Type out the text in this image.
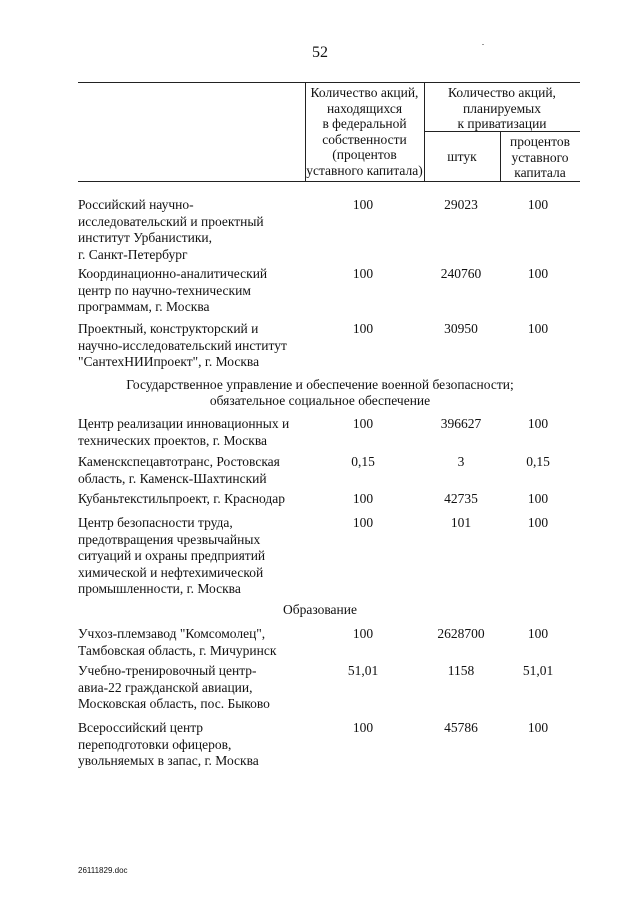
52
Количество акций,
находящихся
в федеральной
собственности
(процентов
уставного капитала)
Количество акций,
планируемых
к приватизации
штук
процентов
уставного
капитала
Российский научно-
исследовательский и проектный
институт Урбанистики,
г. Санкт-Петербург
100	29023	100
Координационно-аналитический
центр по научно-техническим
программам, г. Москва
100	240760	100
Проектный, конструкторский и
научно-исследовательский институт
"СантехНИИпроект", г. Москва
100	30950	100
Государственное управление и обеспечение военной безопасности;
обязательное социальное обеспечение
Центр реализации инновационных и
технических проектов, г. Москва
100	396627	100
Каменскспецавтотранс, Ростовская
область, г. Каменск-Шахтинский
0,15	3	0,15
Кубаньтекстильпроект, г. Краснодар	100	42735	100
Центр безопасности труда,
предотвращения чрезвычайных
ситуаций и охраны предприятий
химической и нефтехимической
промышленности, г. Москва
100	101	100
Образование
Учхоз-племзавод "Комсомолец",
Тамбовская область, г. Мичуринск
100	2628700	100
Учебно-тренировочный центр-
авиа-22 гражданской авиации,
Московская область, пос. Быково
51,01	1158	51,01
Всероссийский центр
переподготовки офицеров,
увольняемых в запас, г. Москва
100	45786	100
26111829.doc
